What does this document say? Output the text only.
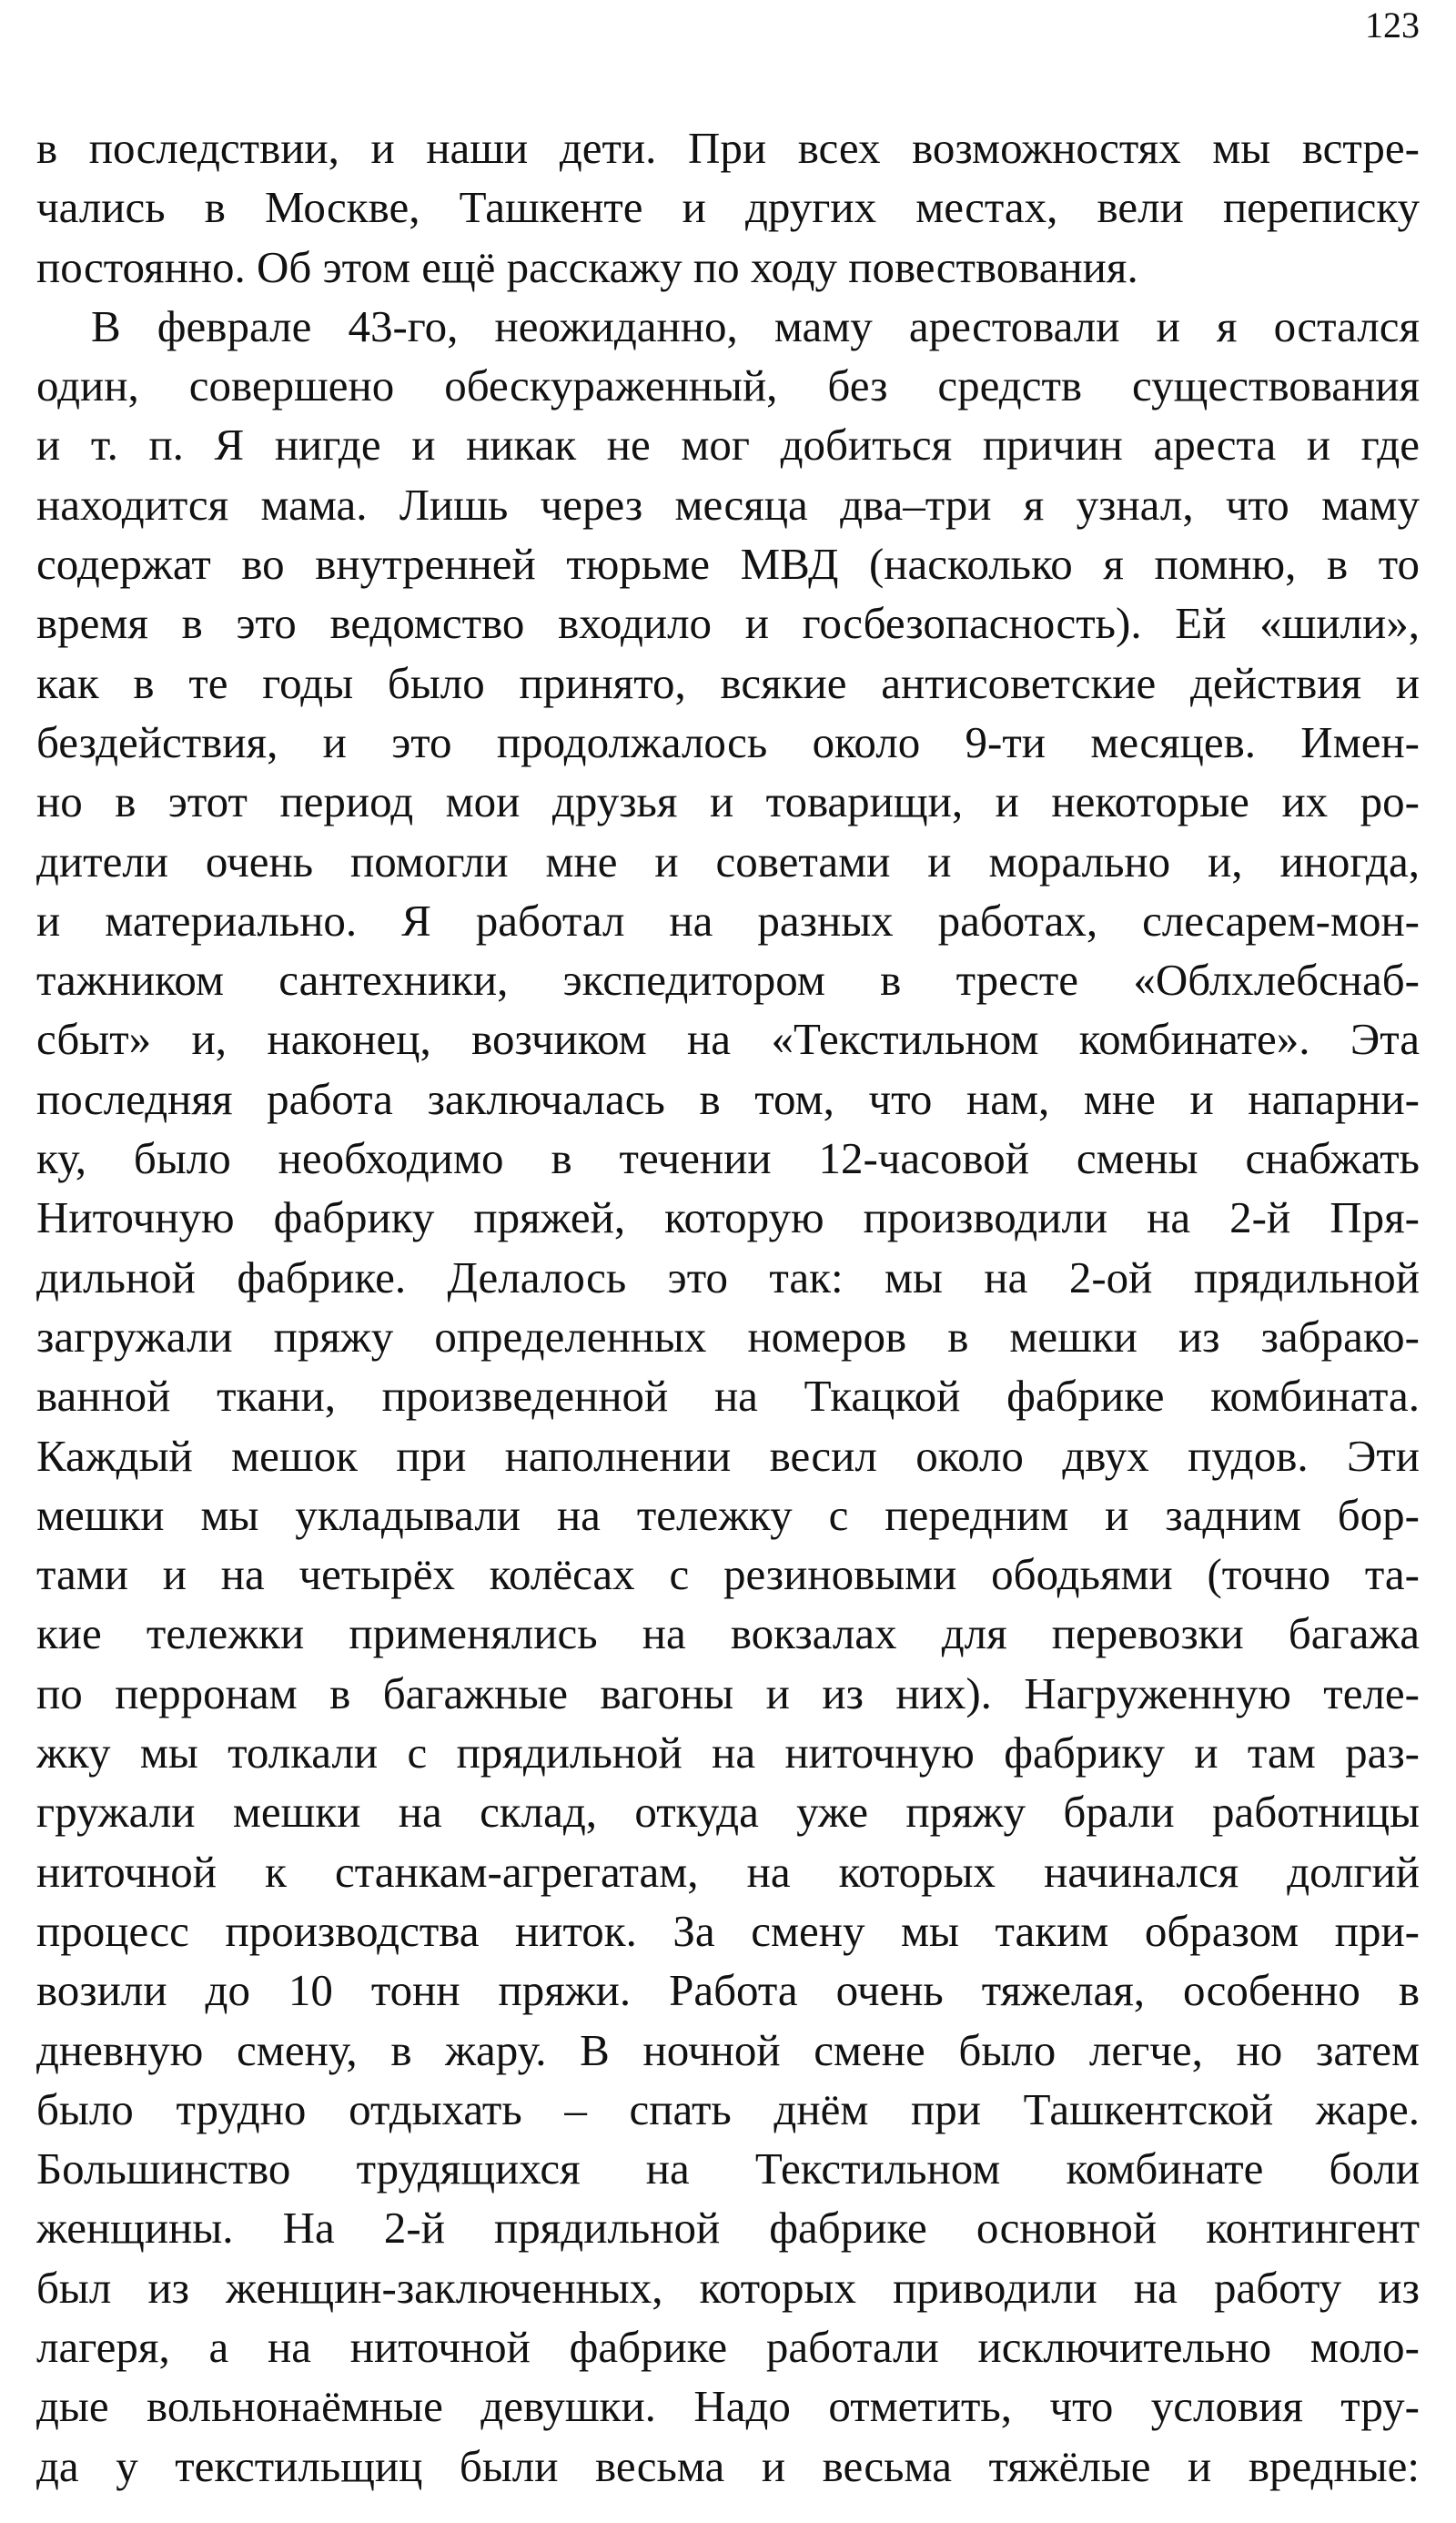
123
в последствии, и наши дети. При всех возможностях мы встре-
чались в Москве, Ташкенте и других местах, вели переписку
постоянно. Об этом ещё расскажу по ходу повествования.
В феврале 43-го, неожиданно, маму арестовали и я остался
один, совершено обескураженный, без средств существования
и т. п. Я нигде и никак не мог добиться причин ареста и где
находится мама. Лишь через месяца два–три я узнал, что маму
содержат во внутренней тюрьме МВД (насколько я помню, в то
время в это ведомство входило и госбезопасность). Ей «шили»,
как в те годы было принято, всякие антисоветские действия и
бездействия, и это продолжалось около 9-ти месяцев. Имен-
но в этот период мои друзья и товарищи, и некоторые их ро-
дители очень помогли мне и советами и морально и, иногда,
и материально. Я работал на разных работах, слесарем-мон-
тажником сантехники, экспедитором в тресте «Облхлебснаб-
сбыт» и, наконец, возчиком на «Текстильном комбинате». Эта
последняя работа заключалась в том, что нам, мне и напарни-
ку, было необходимо в течении 12-часовой смены снабжать
Ниточную фабрику пряжей, которую производили на 2-й Пря-
дильной фабрике. Делалось это так: мы на 2-ой прядильной
загружали пряжу определенных номеров в мешки из забрако-
ванной ткани, произведенной на Ткацкой фабрике комбината.
Каждый мешок при наполнении весил около двух пудов. Эти
мешки мы укладывали на тележку с передним и задним бор-
тами и на четырёх колёсах с резиновыми ободьями (точно та-
кие тележки применялись на вокзалах для перевозки багажа
по перронам в багажные вагоны и из них). Нагруженную теле-
жку мы толкали с прядильной на ниточную фабрику и там раз-
гружали мешки на склад, откуда уже пряжу брали работницы
ниточной к станкам-агрегатам, на которых начинался долгий
процесс производства ниток. За смену мы таким образом при-
возили до 10 тонн пряжи. Работа очень тяжелая, особенно в
дневную смену, в жару. В ночной смене было легче, но затем
было трудно отдыхать – спать днём при Ташкентской жаре.
Большинство трудящихся на Текстильном комбинате боли
женщины. На 2-й прядильной фабрике основной контингент
был из женщин-заключенных, которых приводили на работу из
лагеря, а на ниточной фабрике работали исключительно моло-
дые вольнонаёмные девушки. Надо отметить, что условия тру-
да у текстильщиц были весьма и весьма тяжёлые и вредные:
